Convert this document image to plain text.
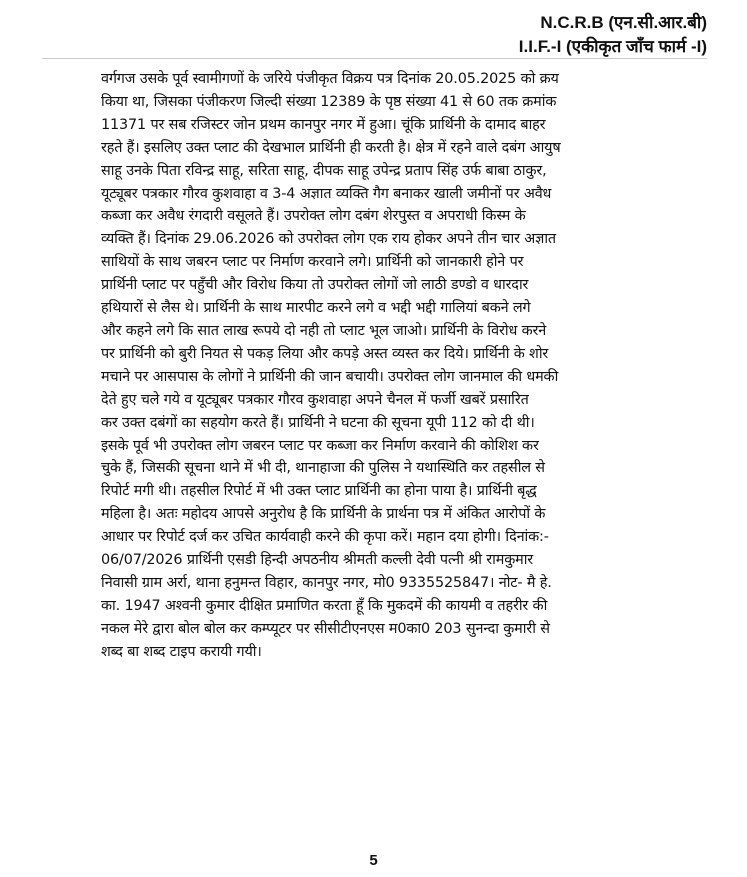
N.C.R.B (एन.सी.आर.बी)
I.I.F.-I (एकीकृत जाँच फार्म -I)
वर्गगज उसके पूर्व स्वामीगणों के जरिये पंजीकृत विक्रय पत्र दिनांक 20.05.2025 को क्रय
किया था, जिसका पंजीकरण जिल्दी संख्या 12389 के पृष्ठ संख्या 41 से 60 तक क्रमांक
11371 पर सब रजिस्टर जोन प्रथम कानपुर नगर में हुआ। चूंकि प्रार्थिनी के दामाद बाहर
रहते हैं। इसलिए उक्त प्लाट की देखभाल प्रार्थिनी ही करती है। क्षेत्र में रहने वाले दबंग आयुष
साहू उनके पिता रविन्द्र साहू, सरिता साहू, दीपक साहू उपेन्द्र प्रताप सिंह उर्फ बाबा ठाकुर,
यूट्यूबर पत्रकार गौरव कुशवाहा व 3-4 अज्ञात व्यक्ति गैग बनाकर खाली जमीनों पर अवैध
कब्जा कर अवैध रंगदारी वसूलते हैं। उपरोक्त लोग दबंग शेरपुस्त व अपराधी किस्म के
व्यक्ति हैं। दिनांक 29.06.2026 को उपरोक्त लोग एक राय होकर अपने तीन चार अज्ञात
साथियों के साथ जबरन प्लाट पर निर्माण करवाने लगे। प्रार्थिनी को जानकारी होने पर
प्रार्थिनी प्लाट पर पहुँची और विरोध किया तो उपरोक्त लोगों जो लाठी डण्डो व धारदार
हथियारों से लैस थे। प्रार्थिनी के साथ मारपीट करने लगे व भद्दी भद्दी गालियां बकने लगे
और कहने लगे कि सात लाख रूपये दो नही तो प्लाट भूल जाओ। प्रार्थिनी के विरोध करने
पर प्रार्थिनी को बुरी नियत से पकड़ लिया और कपड़े अस्त व्यस्त कर दिये। प्रार्थिनी के शोर
मचाने पर आसपास के लोगों ने प्रार्थिनी की जान बचायी। उपरोक्त लोग जानमाल की धमकी
देते हुए चले गये व यूट्यूबर पत्रकार गौरव कुशवाहा अपने चैनल में फर्जी खबरें प्रसारित
कर उक्त दबंगों का सहयोग करते हैं। प्रार्थिनी ने घटना की सूचना यूपी 112 को दी थी।
इसके पूर्व भी उपरोक्त लोग जबरन प्लाट पर कब्जा कर निर्माण करवाने की कोशिश कर
चुके हैं, जिसकी सूचना थाने में भी दी, थानाहाजा की पुलिस ने यथास्थिति कर तहसील से
रिपोर्ट मगी थी। तहसील रिपोर्ट में भी उक्त प्लाट प्रार्थिनी का होना पाया है। प्रार्थिनी बृद्ध
महिला है। अतः महोदय आपसे अनुरोध है कि प्रार्थिनी के प्रार्थना पत्र में अंकित आरोपों के
आधार पर रिपोर्ट दर्ज कर उचित कार्यवाही करने की कृपा करें। महान दया होगी। दिनांक:-
06/07/2026 प्रार्थिनी एसडी हिन्दी अपठनीय श्रीमती कल्ली देवी पत्नी श्री रामकुमार
निवासी ग्राम अर्रा, थाना हनुमन्त विहार, कानपुर नगर, मो0 9335525847। नोट- मै हे.
का. 1947 अश्वनी कुमार दीक्षित प्रमाणित करता हूँ कि मुकदमें की कायमी व तहरीर की
नकल मेरे द्वारा बोल बोल कर कम्प्यूटर पर सीसीटीएनएस म0का0 203 सुनन्दा कुमारी से
शब्द बा शब्द टाइप करायी गयी।
5
